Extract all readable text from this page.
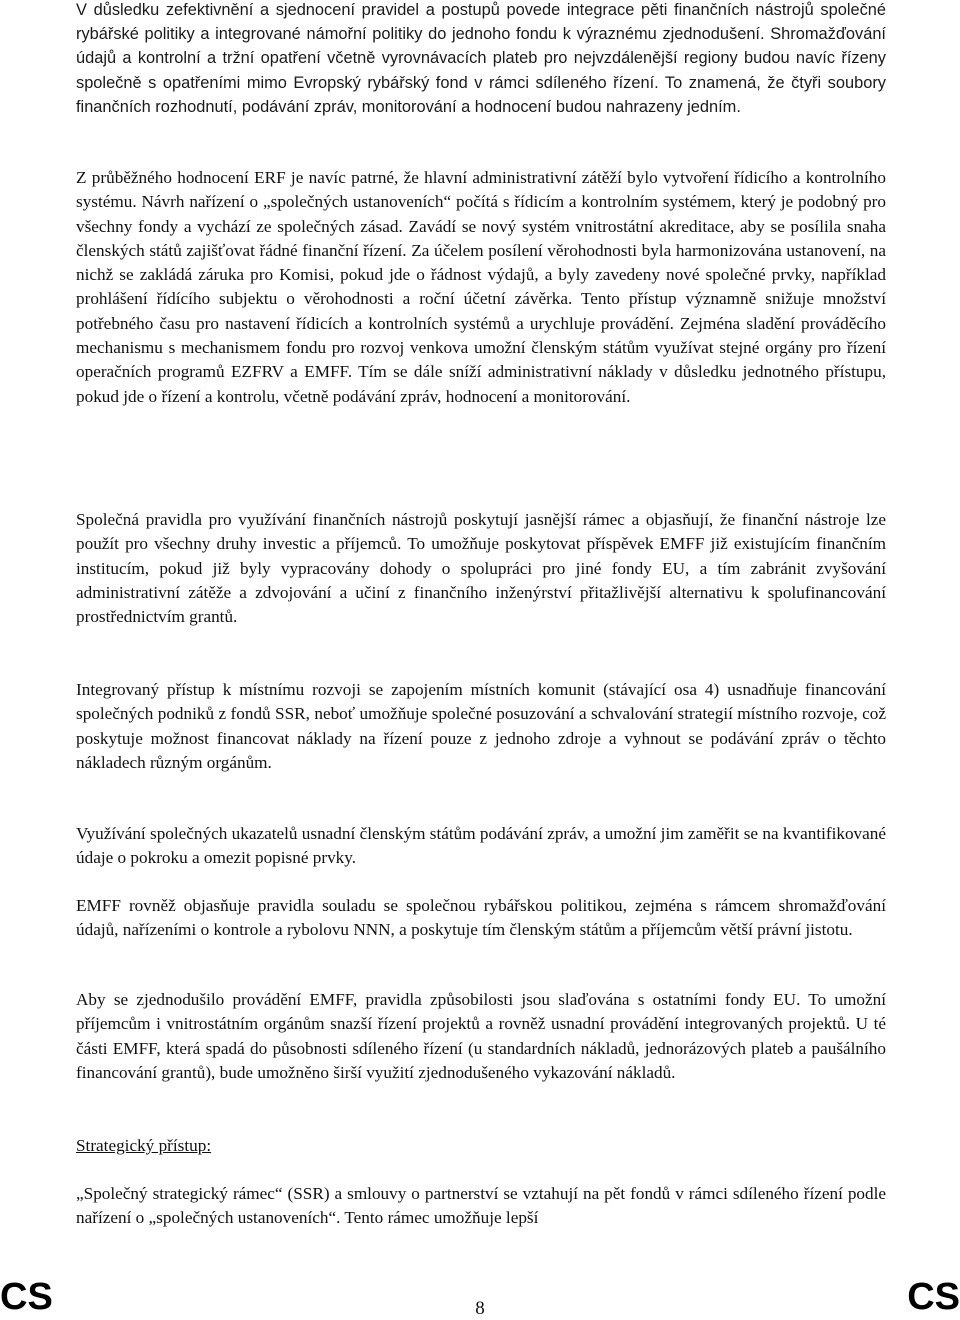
V důsledku zefektivnění a sjednocení pravidel a postupů povede integrace pěti finančních nástrojů společné rybářské politiky a integrované námořní politiky do jednoho fondu k výraznému zjednodušení. Shromažďování údajů a kontrolní a tržní opatření včetně vyrovnávacích plateb pro nejvzdálenější regiony budou navíc řízeny společně s opatřeními mimo Evropský rybářský fond v rámci sdíleného řízení. To znamená, že čtyři soubory finančních rozhodnutí, podávání zpráv, monitorování a hodnocení budou nahrazeny jedním.

Z průběžného hodnocení ERF je navíc patrné, že hlavní administrativní zátěží bylo vytvoření řídicího a kontrolního systému. Návrh nařízení o „společných ustanoveních“ počítá s řídicím a kontrolním systémem, který je podobný pro všechny fondy a vychází ze společných zásad. Zavádí se nový systém vnitrostátní akreditace, aby se posílila snaha členských států zajišťovat řádné finanční řízení. Za účelem posílení věrohodnosti byla harmonizována ustanovení, na nichž se zakládá záruka pro Komisi, pokud jde o řádnost výdajů, a byly zavedeny nové společné prvky, například prohlášení řídícího subjektu o věrohodnosti a roční účetní závěrka. Tento přístup významně snižuje množství potřebného času pro nastavení řídicích a kontrolních systémů a urychluje provádění. Zejména sladění prováděcího mechanismu s mechanismem fondu pro rozvoj venkova umožní členským státům využívat stejné orgány pro řízení operačních programů EZFRV a EMFF. Tím se dále sníží administrativní náklady v důsledku jednotného přístupu, pokud jde o řízení a kontrolu, včetně podávání zpráv, hodnocení a monitorování.

Společná pravidla pro využívání finančních nástrojů poskytují jasnější rámec a objasňují, že finanční nástroje lze použít pro všechny druhy investic a příjemců. To umožňuje poskytovat příspěvek EMFF již existujícím finančním institucím, pokud již byly vypracovány dohody o spolupráci pro jiné fondy EU, a tím zabránit zvyšování administrativní zátěže a zdvojování a učiní z finančního inženýrství přitažlivější alternativu k spolufinancování prostřednictvím grantů.

Integrovaný přístup k místnímu rozvoji se zapojením místních komunit (stávající osa 4) usnadňuje financování společných podniků z fondů SSR, neboť umožňuje společné posuzování a schvalování strategií místního rozvoje, což poskytuje možnost financovat náklady na řízení pouze z jednoho zdroje a vyhnout se podávání zpráv o těchto nákladech různým orgánům.

Využívání společných ukazatelů usnadní členským státům podávání zpráv, a umožní jim zaměřit se na kvantifikované údaje o pokroku a omezit popisné prvky.

EMFF rovněž objasňuje pravidla souladu se společnou rybářskou politikou, zejména s rámcem shromažďování údajů, nařízeními o kontrole a rybolovu NNN, a poskytuje tím členským státům a příjemcům větší právní jistotu.

Aby se zjednodušilo provádění EMFF, pravidla způsobilosti jsou slaďována s ostatními fondy EU. To umožní příjemcům i vnitrostátním orgánům snazší řízení projektů a rovněž usnadní provádění integrovaných projektů. U té části EMFF, která spadá do působnosti sdíleného řízení (u standardních nákladů, jednorázových plateb a paušálního financování grantů), bude umožněno širší využití zjednodušeného vykazování nákladů.

Strategický přístup:

„Společný strategický rámec“ (SSR) a smlouvy o partnerství se vztahují na pět fondů v rámci sdíleného řízení podle nařízení o „společných ustanoveních“. Tento rámec umožňuje lepší

CS	8	CS
